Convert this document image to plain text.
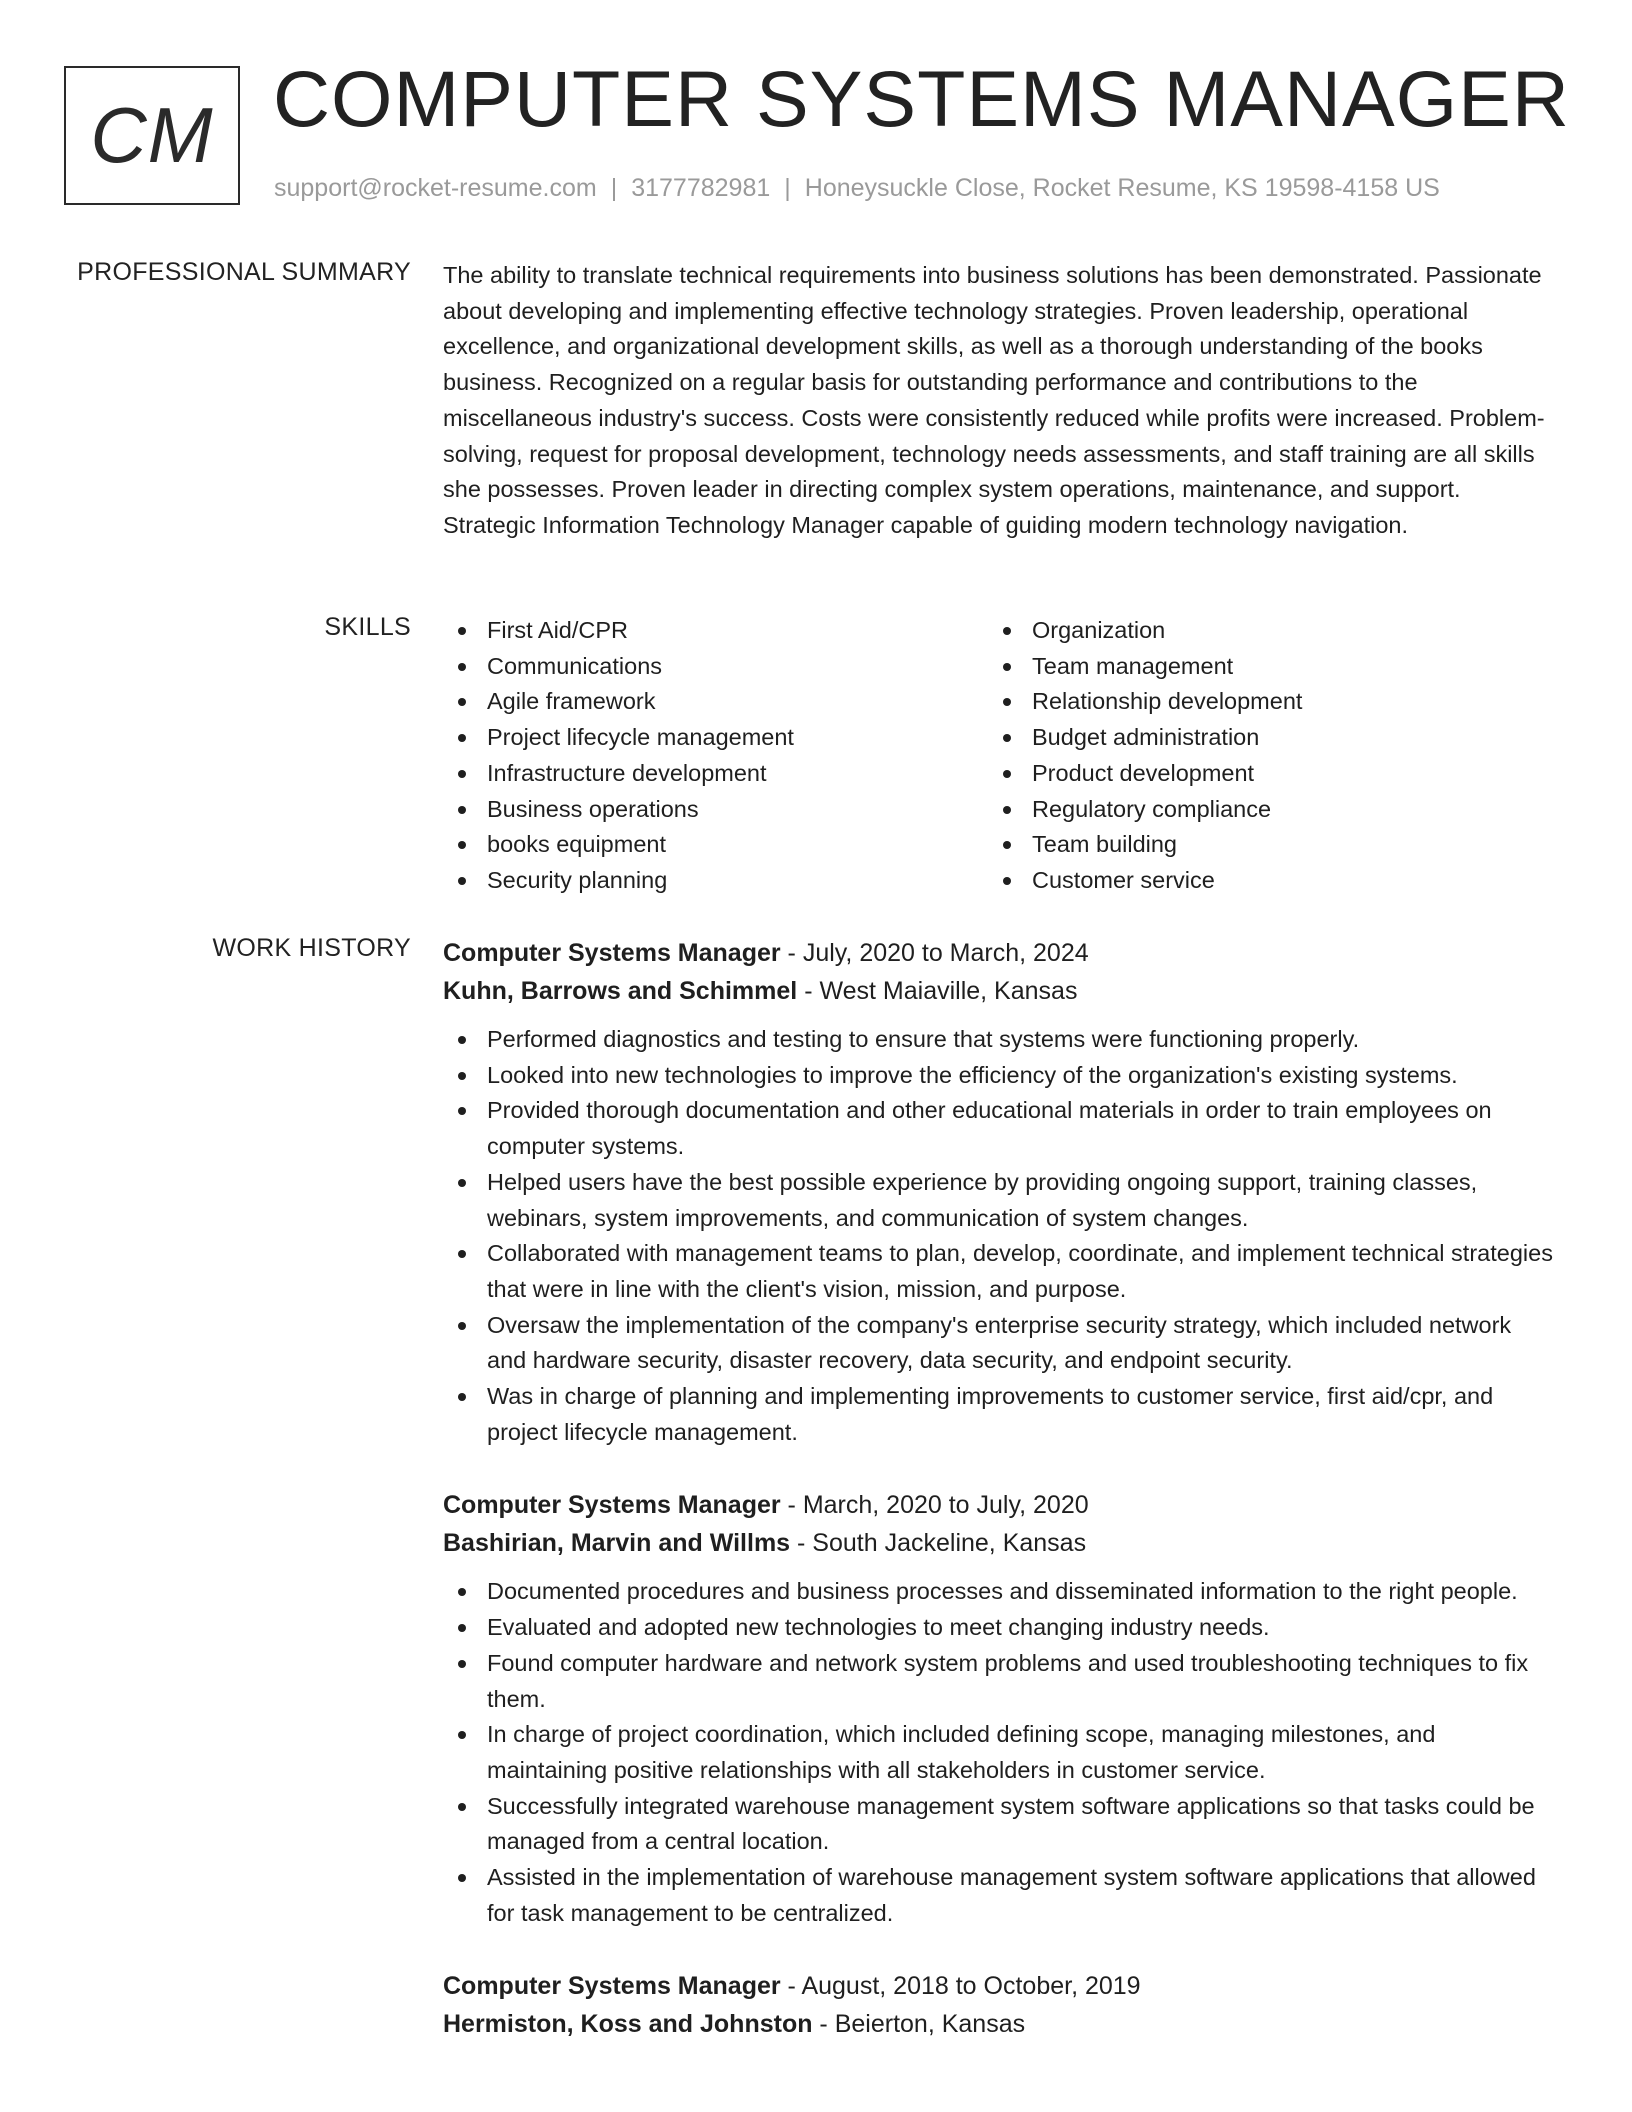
CM COMPUTER SYSTEMS MANAGER
support@rocket-resume.com | 3177782981 | Honeysuckle Close, Rocket Resume, KS 19598-4158 US
PROFESSIONAL SUMMARY The ability to translate technical requirements into business solutions has been demonstrated. Passionate about developing and implementing effective technology strategies. Proven leadership, operational excellence, and organizational development skills, as well as a thorough understanding of the books business. Recognized on a regular basis for outstanding performance and contributions to the miscellaneous industry's success. Costs were consistently reduced while profits were increased. Problem-solving, request for proposal development, technology needs assessments, and staff training are all skills she possesses. Proven leader in directing complex system operations, maintenance, and support. Strategic Information Technology Manager capable of guiding modern technology navigation.

SKILLS	First Aid/CPR
Communications
Agile framework
Project lifecycle management
Infrastructure development
Business operations
books equipment
Security planning
Organization
Team management
Relationship development
Budget administration
Product development
Regulatory compliance
Team building
Customer service
WORK HISTORY Computer Systems Manager - July, 2020 to March, 2024
Kuhn, Barrows and Schimmel - West Maiaville, Kansas
Performed diagnostics and testing to ensure that systems were functioning properly.
Looked into new technologies to improve the efficiency of the organization's existing systems.
Provided thorough documentation and other educational materials in order to train employees on computer systems.
Helped users have the best possible experience by providing ongoing support, training classes, webinars, system improvements, and communication of system changes.
Collaborated with management teams to plan, develop, coordinate, and implement technical strategies that were in line with the client's vision, mission, and purpose.
Oversaw the implementation of the company's enterprise security strategy, which included network and hardware security, disaster recovery, data security, and endpoint security.
Was in charge of planning and implementing improvements to customer service, first aid/cpr, and project lifecycle management.
Computer Systems Manager - March, 2020 to July, 2020
Bashirian, Marvin and Willms - South Jackeline, Kansas
Documented procedures and business processes and disseminated information to the right people.
Evaluated and adopted new technologies to meet changing industry needs.
Found computer hardware and network system problems and used troubleshooting techniques to fix them.
In charge of project coordination, which included defining scope, managing milestones, and maintaining positive relationships with all stakeholders in customer service.
Successfully integrated warehouse management system software applications so that tasks could be managed from a central location.
Assisted in the implementation of warehouse management system software applications that allowed for task management to be centralized.
Computer Systems Manager - August, 2018 to October, 2019
Hermiston, Koss and Johnston - Beierton, Kansas
